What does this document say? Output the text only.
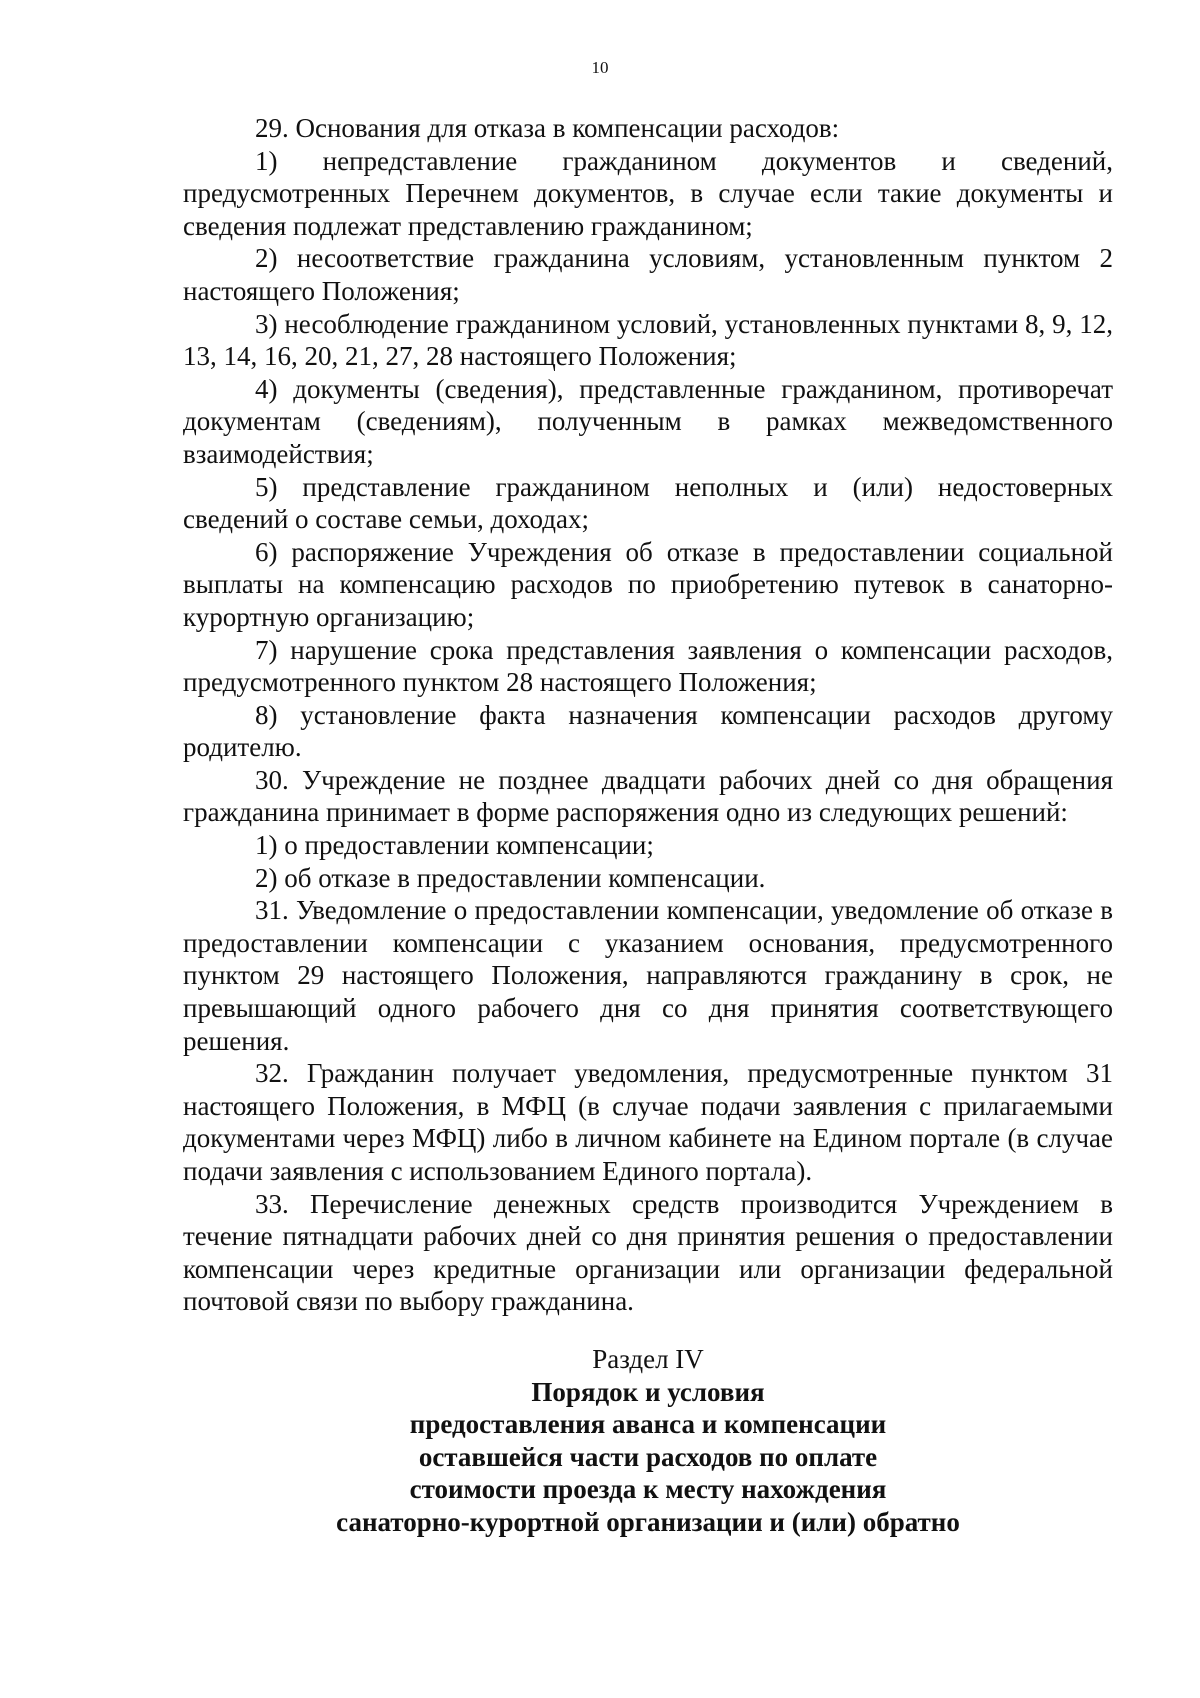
10

29. Основания для отказа в компенсации расходов:

1) непредставление гражданином документов и сведений, предусмотренных Перечнем документов, в случае если такие документы и сведения подлежат представлению гражданином;

2) несоответствие гражданина условиям, установленным пунктом 2 настоящего Положения;

3) несоблюдение гражданином условий, установленных пунктами 8, 9, 12, 13, 14, 16, 20, 21, 27, 28 настоящего Положения;

4) документы (сведения), представленные гражданином, противоречат документам (сведениям), полученным в рамках межведомственного взаимодействия;

5) представление гражданином неполных и (или) недостоверных сведений о составе семьи, доходах;

6) распоряжение Учреждения об отказе в предоставлении социальной выплаты на компенсацию расходов по приобретению путевок в санаторно-курортную организацию;

7) нарушение срока представления заявления о компенсации расходов, предусмотренного пунктом 28 настоящего Положения;

8) установление факта назначения компенсации расходов другому родителю.

30. Учреждение не позднее двадцати рабочих дней со дня обращения гражданина принимает в форме распоряжения одно из следующих решений:

1) о предоставлении компенсации;

2) об отказе в предоставлении компенсации.

31. Уведомление о предоставлении компенсации, уведомление об отказе в предоставлении компенсации с указанием основания, предусмотренного пунктом 29 настоящего Положения, направляются гражданину в срок, не превышающий одного рабочего дня со дня принятия соответствующего решения.

32. Гражданин получает уведомления, предусмотренные пунктом 31 настоящего Положения, в МФЦ (в случае подачи заявления с прилагаемыми документами через МФЦ) либо в личном кабинете на Едином портале (в случае подачи заявления с использованием Единого портала).

33. Перечисление денежных средств производится Учреждением в течение пятнадцати рабочих дней со дня принятия решения о предоставлении компенсации через кредитные организации или организации федеральной почтовой связи по выбору гражданина.

Раздел IV
Порядок и условия
предоставления аванса и компенсации
оставшейся части расходов по оплате
стоимости проезда к месту нахождения
санаторно-курортной организации и (или) обратно
